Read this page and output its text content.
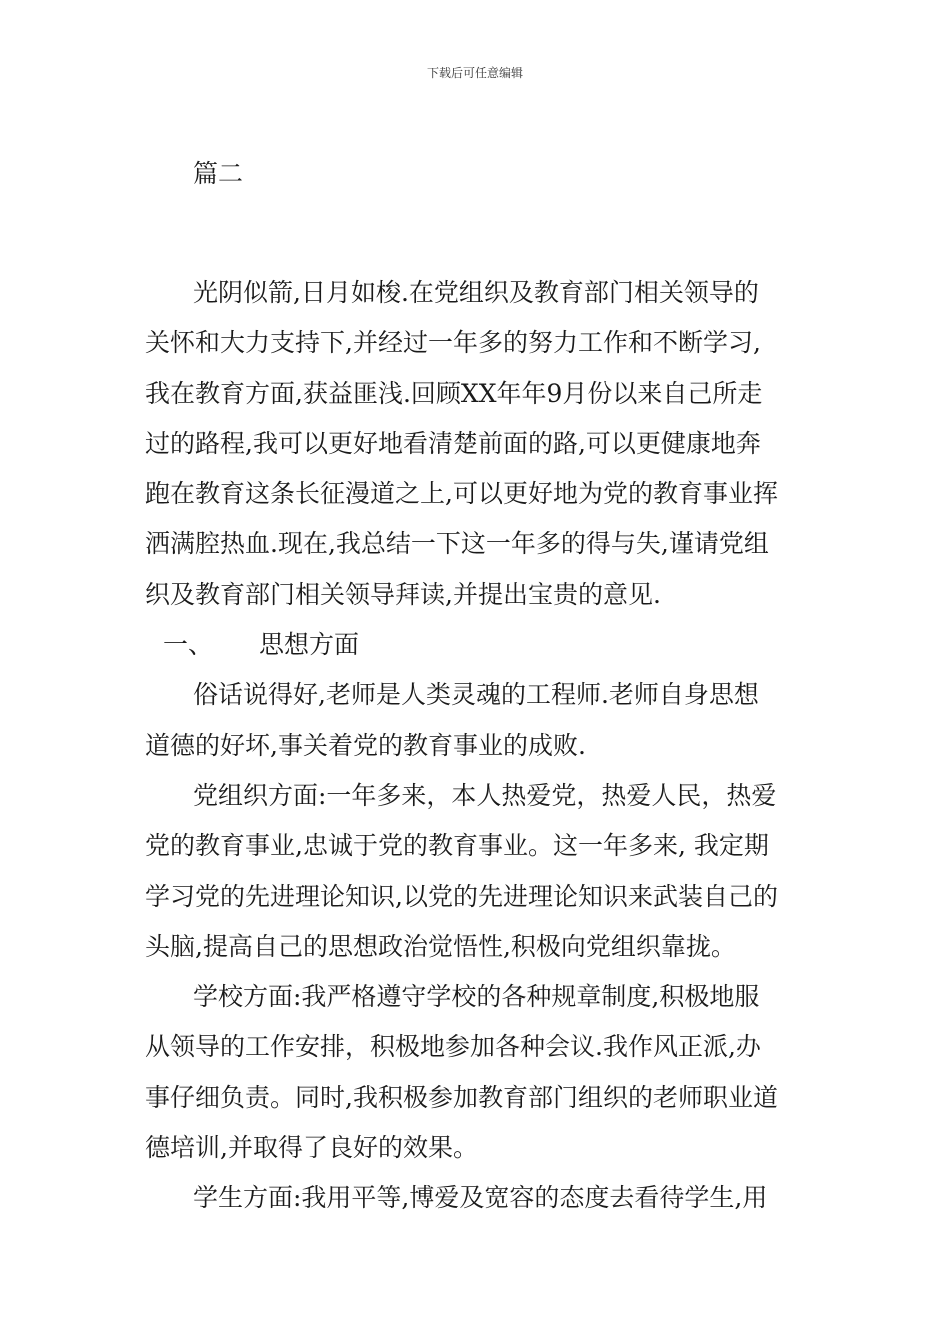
下载后可任意编辑

篇二

光阴似箭,日月如梭.在党组织及教育部门相关领导的
关怀和大力支持下,并经过一年多的努力工作和不断学习,
我在教育方面,获益匪浅.回顾XX年年9月份以来自己所走
过的路程,我可以更好地看清楚前面的路,可以更健康地奔
跑在教育这条长征漫道之上,可以更好地为党的教育事业挥
洒满腔热血.现在,我总结一下这一年多的得与失,谨请党组
织及教育部门相关领导拜读,并提出宝贵的意见.
一、 思想方面
俗话说得好,老师是人类灵魂的工程师.老师自身思想
道德的好坏,事关着党的教育事业的成败.
党组织方面:一年多来，本人热爱党，热爱人民，热爱
党的教育事业,忠诚于党的教育事业。这一年多来, 我定期
学习党的先进理论知识,以党的先进理论知识来武装自己的
头脑,提高自己的思想政治觉悟性,积极向党组织靠拢。
学校方面:我严格遵守学校的各种规章制度,积极地服
从领导的工作安排，积极地参加各种会议.我作风正派,办
事仔细负责。同时,我积极参加教育部门组织的老师职业道
德培训,并取得了良好的效果。
学生方面:我用平等,博爱及宽容的态度去看待学生,用
